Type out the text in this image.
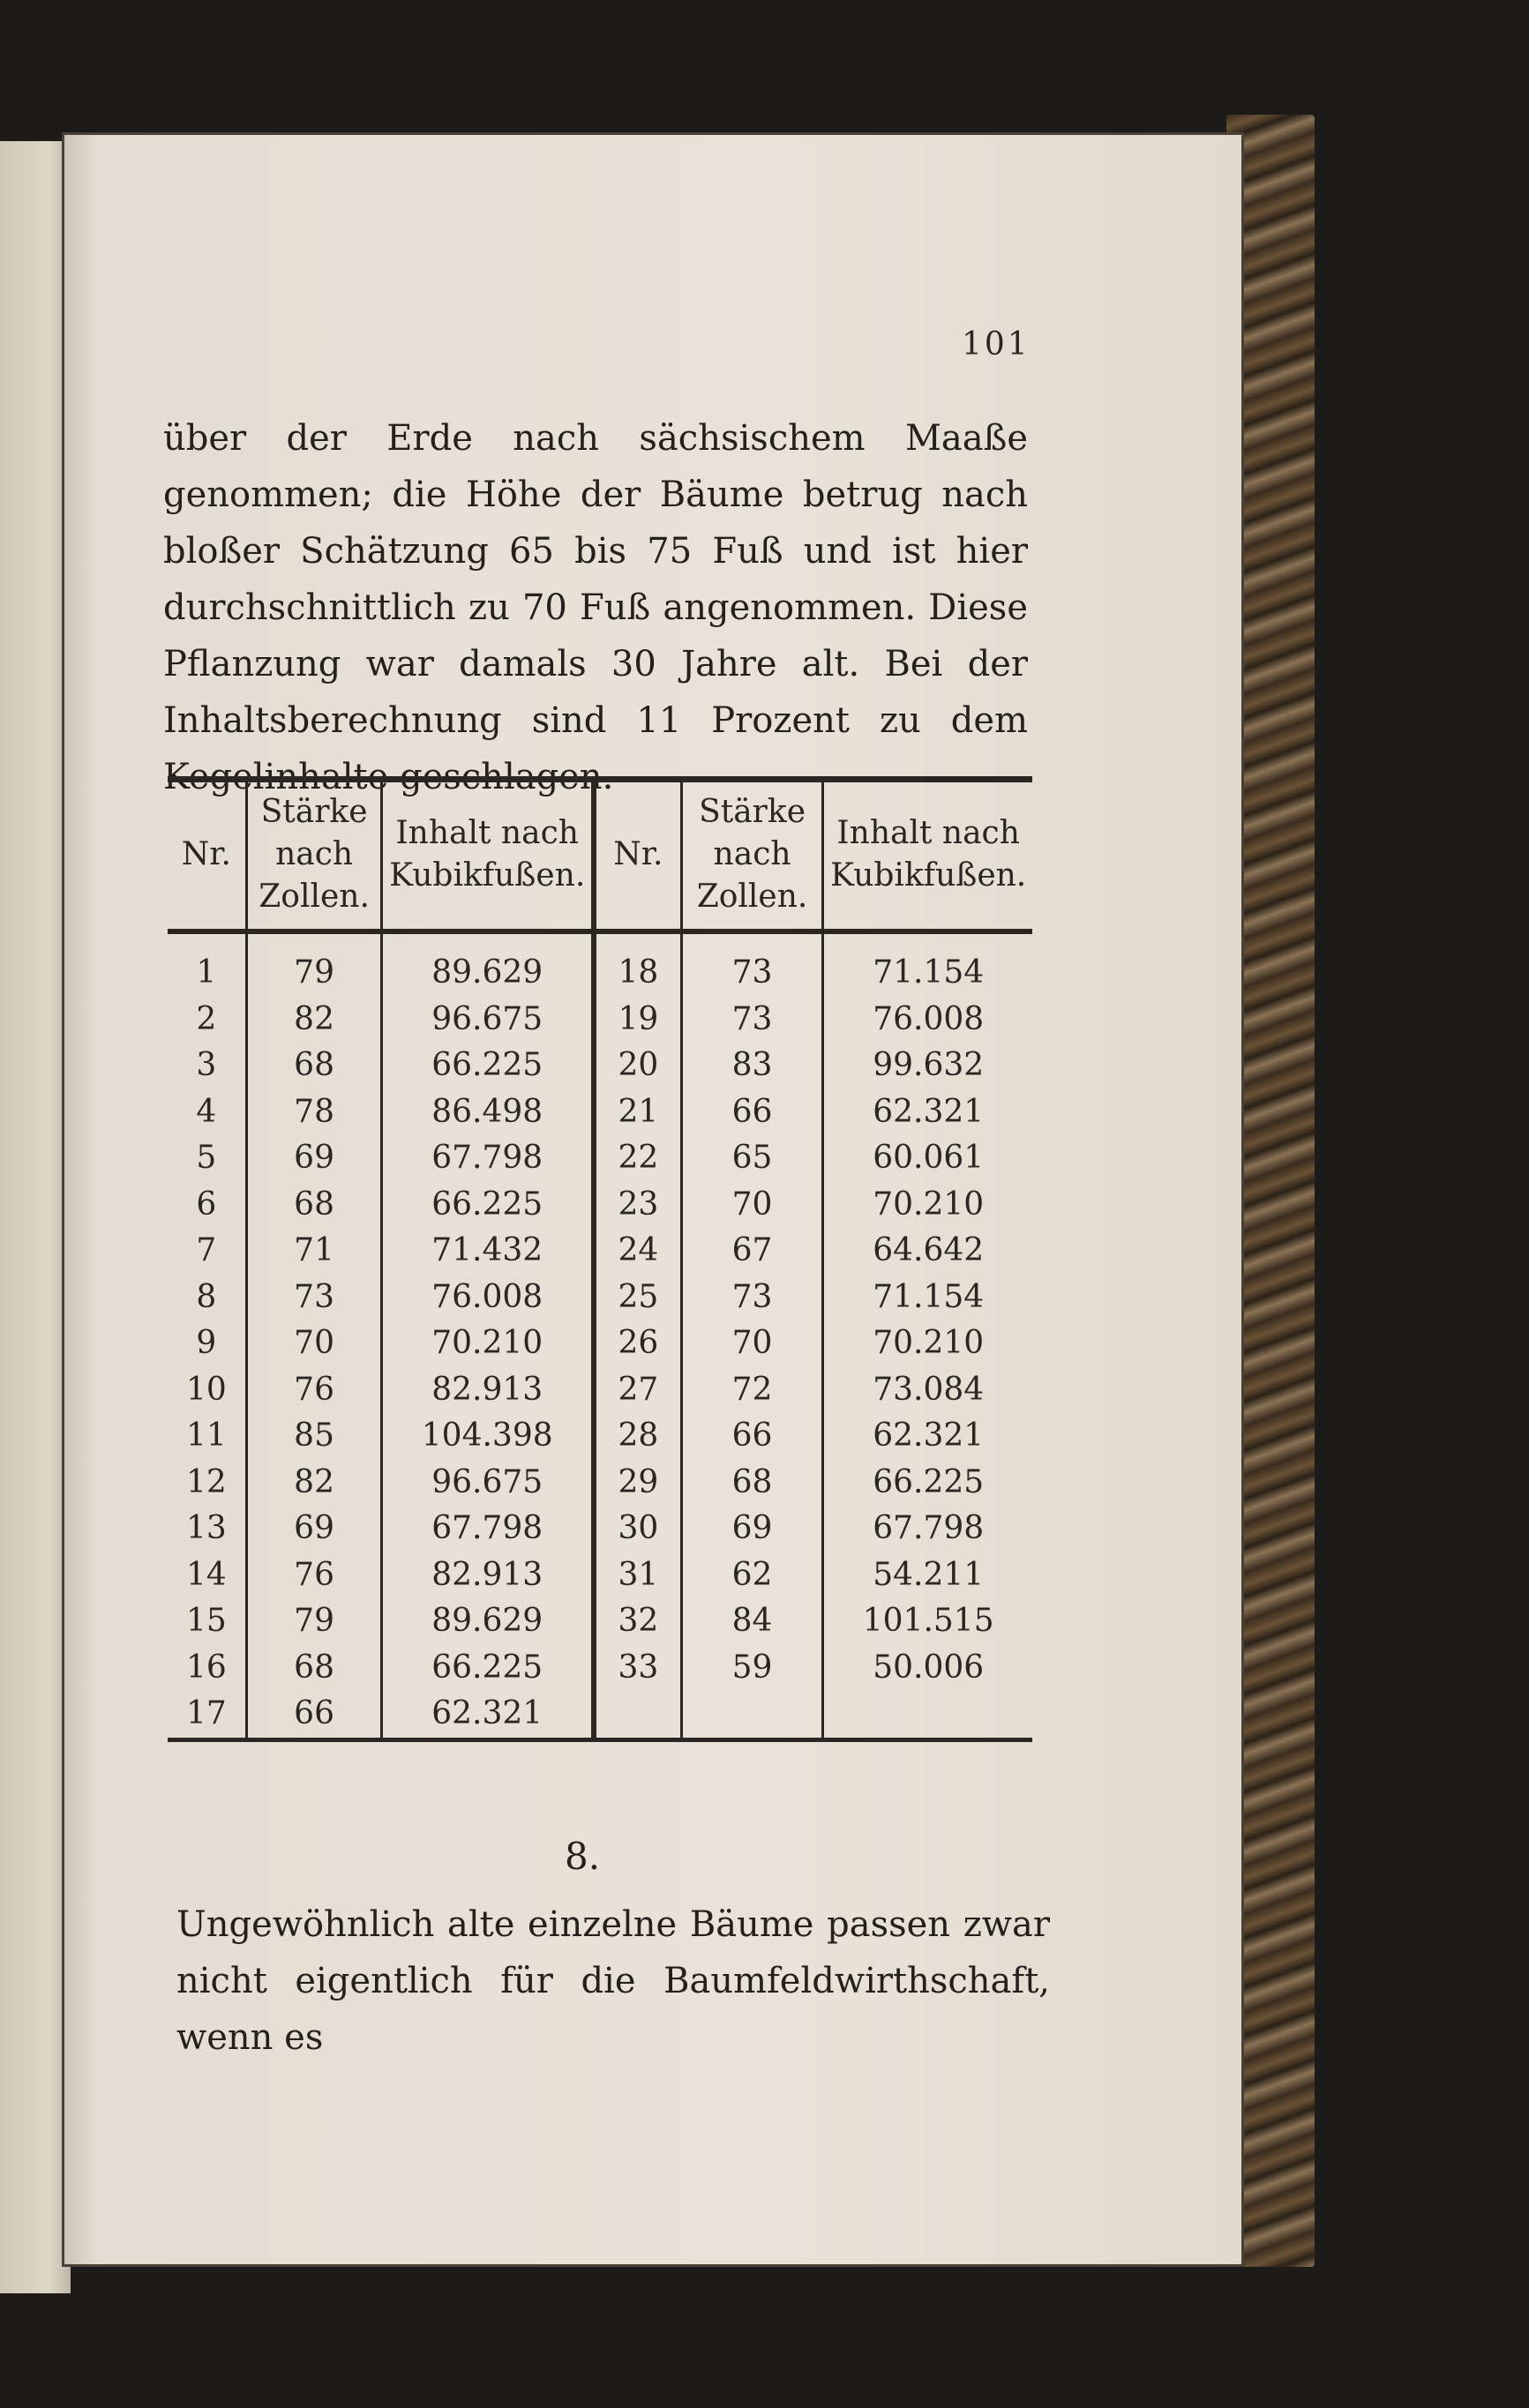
101
über der Erde nach sächsischem Maaße genommen; die Höhe der Bäume betrug nach bloßer Schätzung 65 bis 75 Fuß und ist hier durchschnittlich zu 70 Fuß angenommen. Diese Pflanzung war damals 30 Jahre alt. Bei der Inhaltsberechnung sind 11 Prozent zu dem Kegelinhalte geschlagen.
Nr.	Stärke nach Zollen.	Inhalt nach Kubikfußen.	Nr.	Stärke nach Zollen.	Inhalt nach Kubikfußen.
1	79	89.629	18	73	71.154
2	82	96.675	19	73	76.008
3	68	66.225	20	83	99.632
4	78	86.498	21	66	62.321
5	69	67.798	22	65	60.061
6	68	66.225	23	70	70.210
7	71	71.432	24	67	64.642
8	73	76.008	25	73	71.154
9	70	70.210	26	70	70.210
10	76	82.913	27	72	73.084
11	85	104.398	28	66	62.321
12	82	96.675	29	68	66.225
13	69	67.798	30	69	67.798
14	76	82.913	31	62	54.211
15	79	89.629	32	84	101.515
16	68	66.225	33	59	50.006
17	66	62.321			
8.
Ungewöhnlich alte einzelne Bäume passen zwar nicht eigentlich für die Baumfeldwirthschaft, wenn es
